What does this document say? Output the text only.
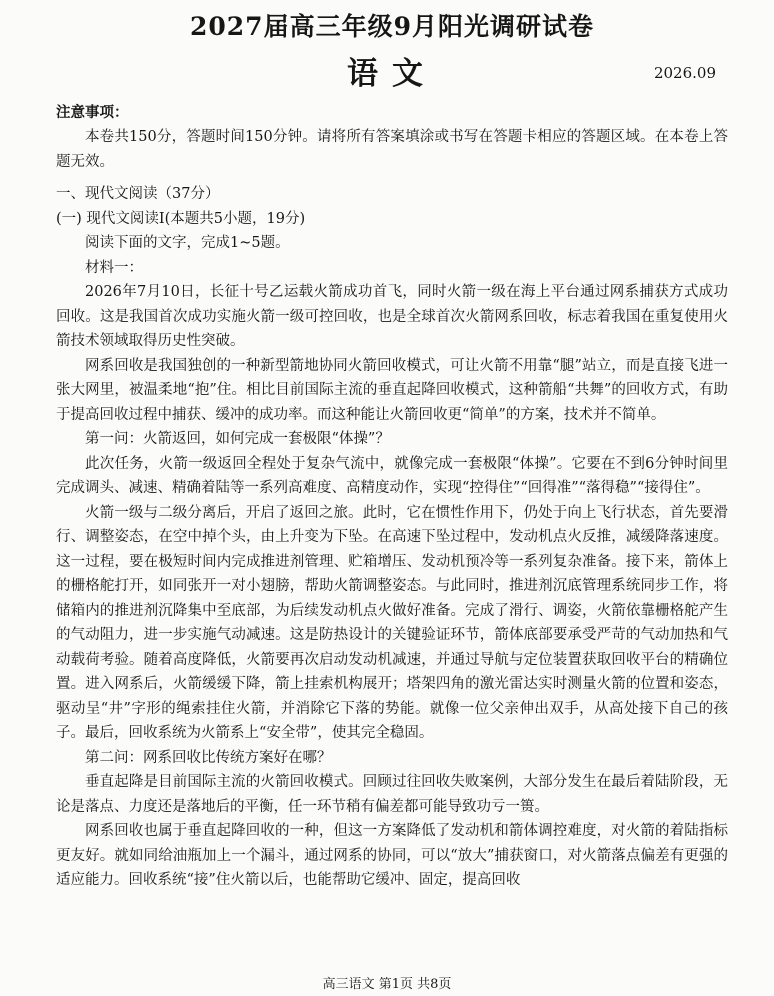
2027届高三年级9月阳光调研试卷
语文	2026.09
注意事项：

本卷共150分，答题时间150分钟。请将所有答案填涂或书写在答题卡相应的答题区域。在本卷上答题无效。

一、现代文阅读（37分）

(一) 现代文阅读I(本题共5小题，19分)

阅读下面的文字，完成1~5题。

材料一：

2026年7月10日，长征十号乙运载火箭成功首飞，同时火箭一级在海上平台通过网系捕获方式成功回收。这是我国首次成功实施火箭一级可控回收，也是全球首次火箭网系回收，标志着我国在重复使用火箭技术领域取得历史性突破。

网系回收是我国独创的一种新型箭地协同火箭回收模式，可让火箭不用靠“腿”站立，而是直接飞进一张大网里，被温柔地“抱”住。相比目前国际主流的垂直起降回收模式，这种箭船“共舞”的回收方式，有助于提高回收过程中捕获、缓冲的成功率。而这种能让火箭回收更“简单”的方案，技术并不简单。

第一问：火箭返回，如何完成一套极限“体操”？

此次任务，火箭一级返回全程处于复杂气流中，就像完成一套极限“体操”。它要在不到6分钟时间里完成调头、减速、精确着陆等一系列高难度、高精度动作，实现“控得住”“回得准”“落得稳”“接得住”。

火箭一级与二级分离后，开启了返回之旅。此时，它在惯性作用下，仍处于向上飞行状态，首先要滑行、调整姿态，在空中掉个头，由上升变为下坠。在高速下坠过程中，发动机点火反推，减缓降落速度。这一过程，要在极短时间内完成推进剂管理、贮箱增压、发动机预冷等一系列复杂准备。接下来，箭体上的栅格舵打开，如同张开一对小翅膀，帮助火箭调整姿态。与此同时，推进剂沉底管理系统同步工作，将储箱内的推进剂沉降集中至底部，为后续发动机点火做好准备。完成了滑行、调姿，火箭依靠栅格舵产生的气动阻力，进一步实施气动减速。这是防热设计的关键验证环节，箭体底部要承受严苛的气动加热和气动载荷考验。随着高度降低，火箭要再次启动发动机减速，并通过导航与定位装置获取回收平台的精确位置。进入网系后，火箭缓缓下降，箭上挂索机构展开；塔架四角的激光雷达实时测量火箭的位置和姿态，驱动呈“井”字形的绳索挂住火箭，并消除它下落的势能。就像一位父亲伸出双手，从高处接下自己的孩子。最后，回收系统为火箭系上“安全带”，使其完全稳固。

第二问：网系回收比传统方案好在哪？

垂直起降是目前国际主流的火箭回收模式。回顾过往回收失败案例，大部分发生在最后着陆阶段，无论是落点、力度还是落地后的平衡，任一环节稍有偏差都可能导致功亏一篑。

网系回收也属于垂直起降回收的一种，但这一方案降低了发动机和箭体调控难度，对火箭的着陆指标更友好。就如同给油瓶加上一个漏斗，通过网系的协同，可以“放大”捕获窗口，对火箭落点偏差有更强的适应能力。回收系统“接”住火箭以后，也能帮助它缓冲、固定，提高回收

高三语文 第1页 共8页
